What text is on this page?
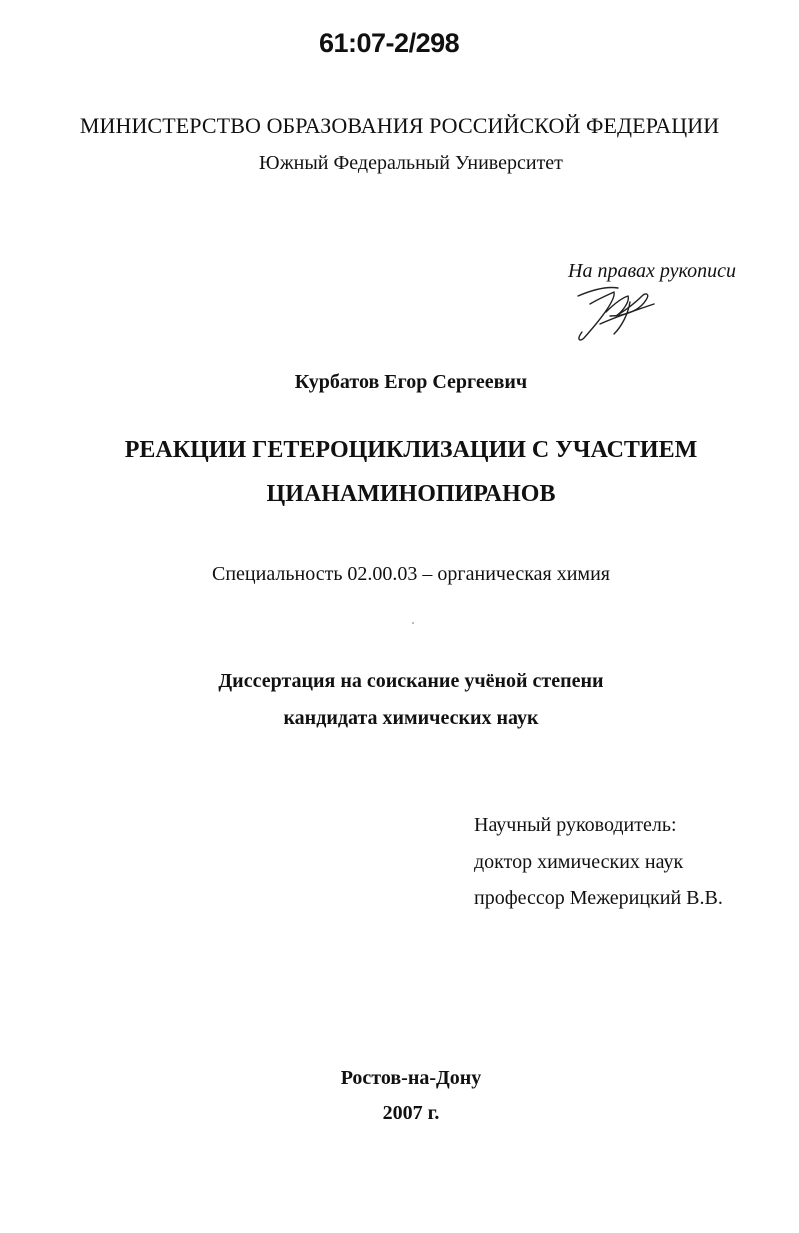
61:07-2/298
МИНИСТЕРСТВО ОБРАЗОВАНИЯ РОССИЙСКОЙ ФЕДЕРАЦИИ
Южный Федеральный Университет
На правах рукописи
Курбатов Егор Сергеевич
РЕАКЦИИ ГЕТЕРОЦИКЛИЗАЦИИ С УЧАСТИЕМ
ЦИАНАМИНОПИРАНОВ
Специальность 02.00.03 – органическая химия
Диссертация на соискание учёной степени
кандидата химических наук
Научный руководитель:
доктор химических наук
профессор Межерицкий В.В.
Ростов-на-Дону
2007 г.
